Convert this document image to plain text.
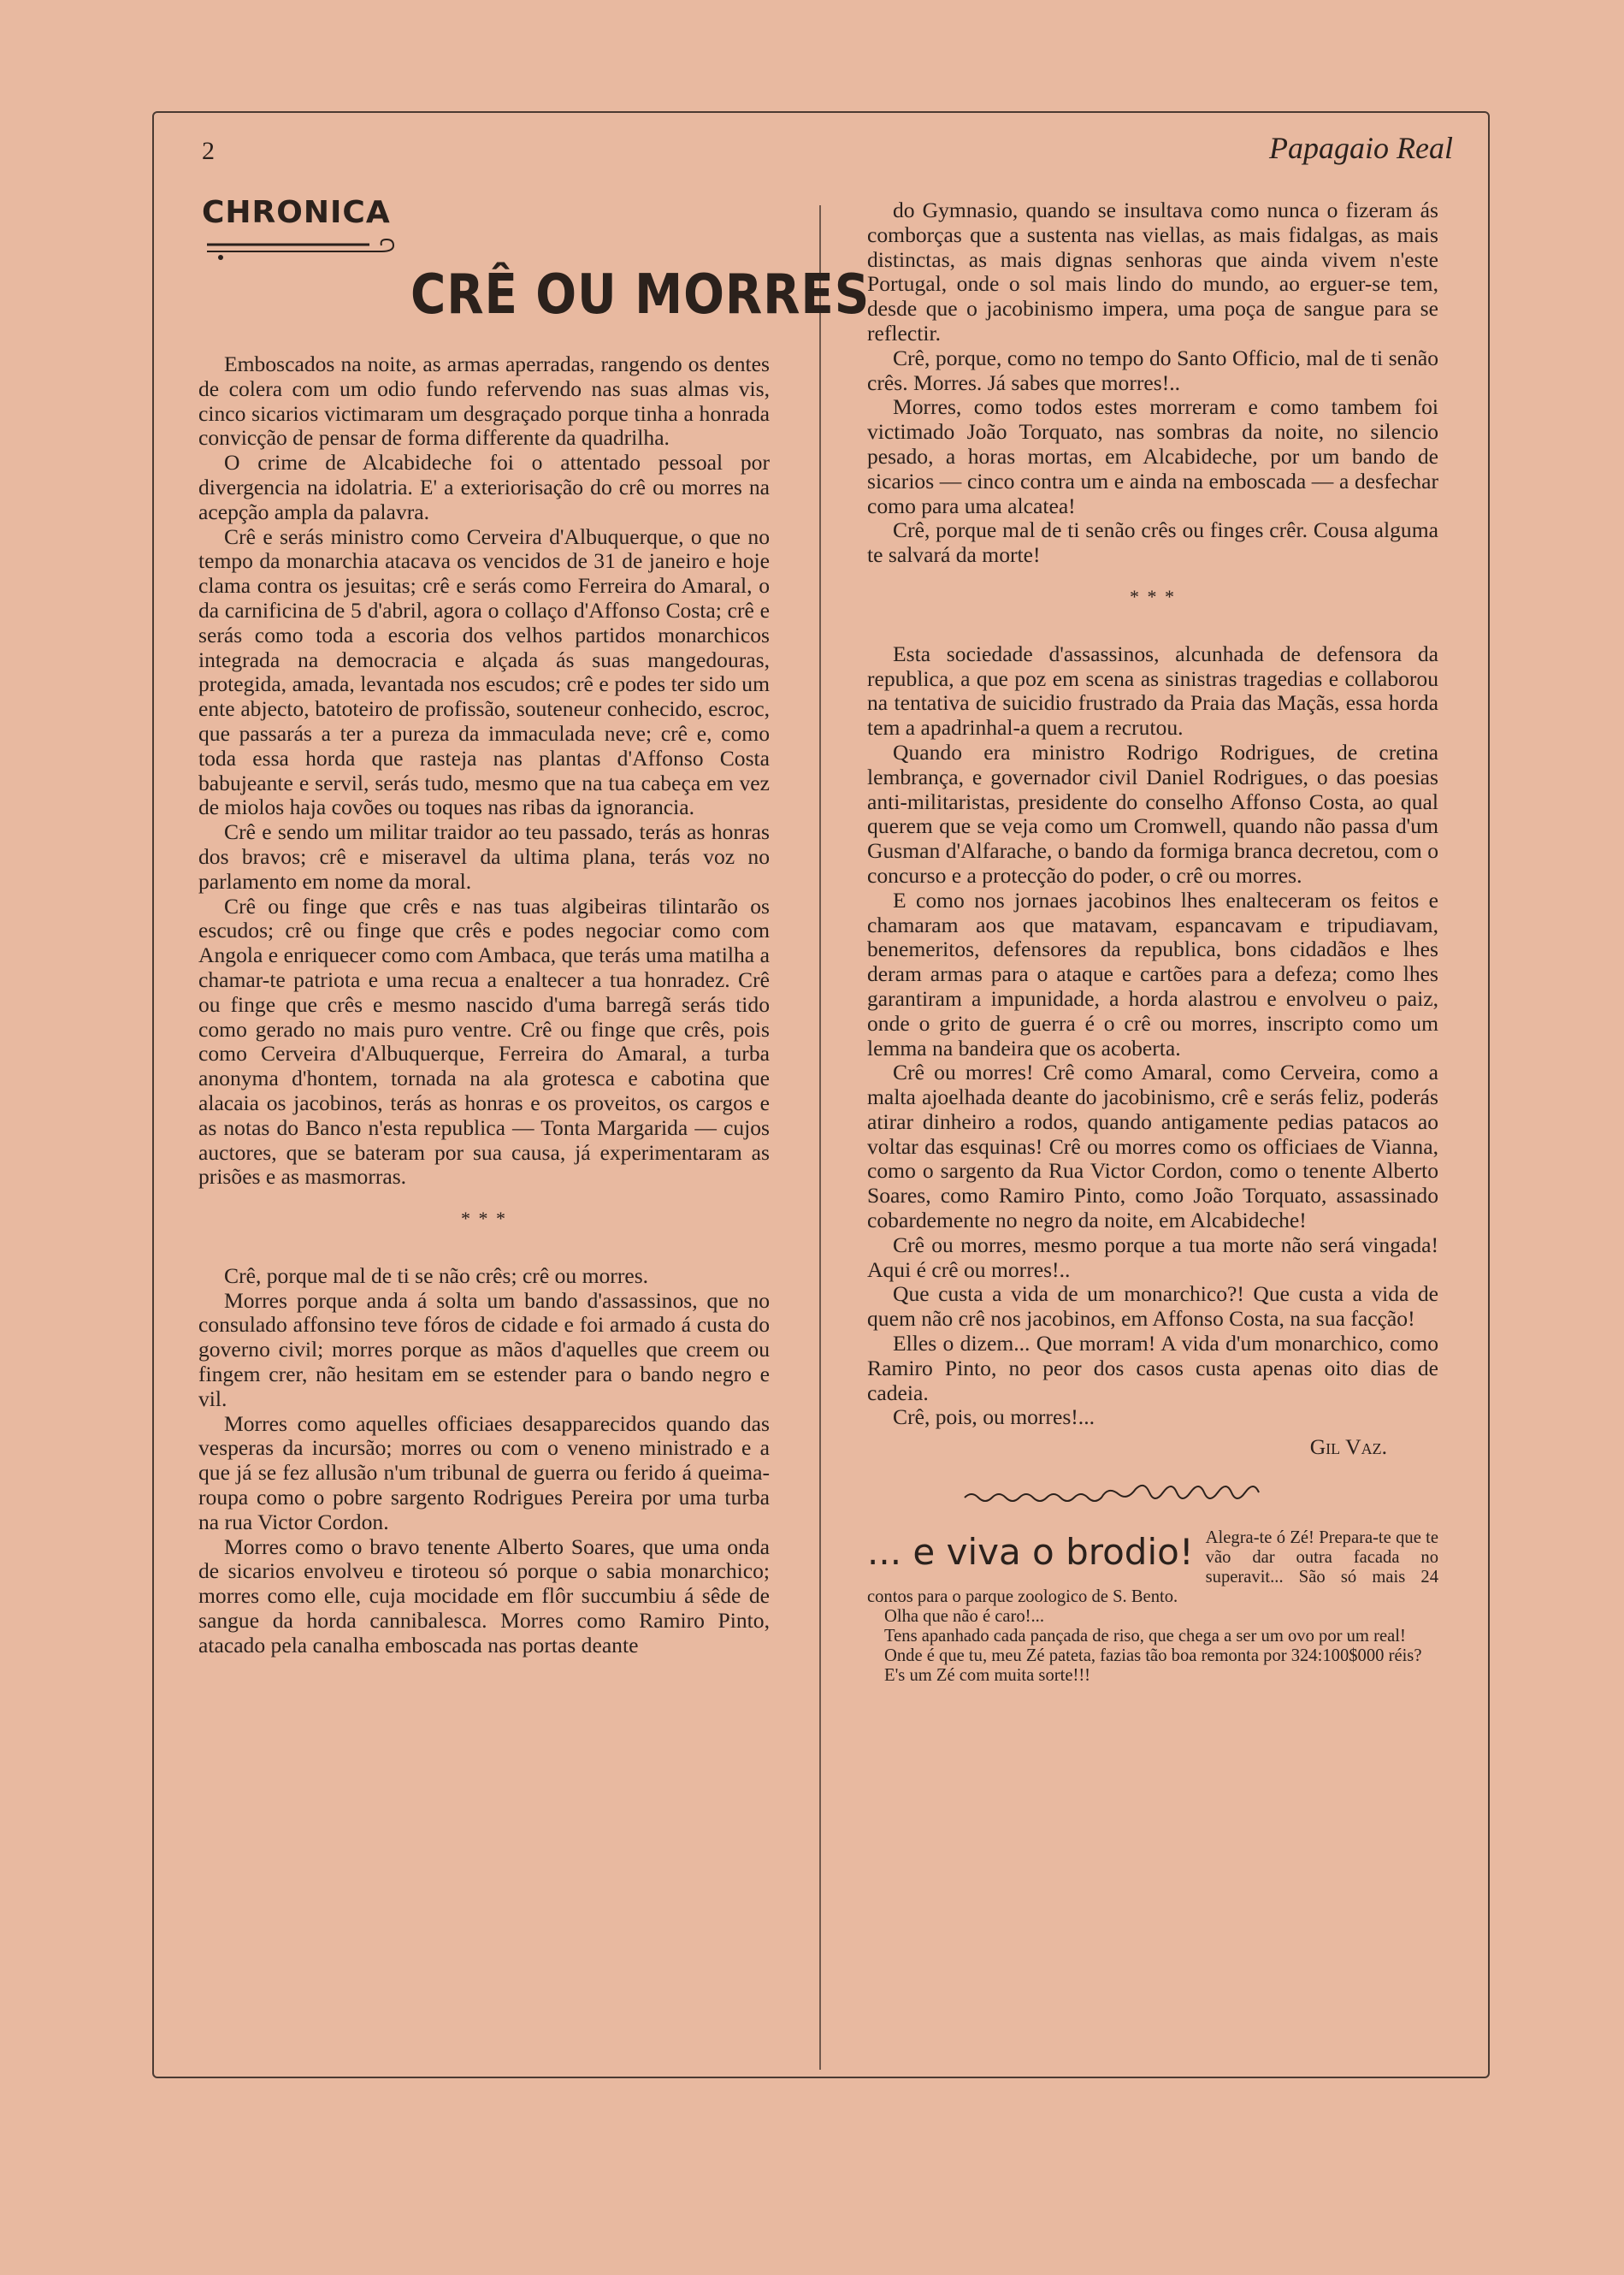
2	Papagaio Real
CHRONICA
CRÊ OU MORRES

Emboscados na noite, as armas aperradas, rangendo os dentes de colera com um odio fundo refervendo nas suas almas vis, cinco sicarios victimaram um desgraçado porque tinha a honrada convicção de pensar de forma differente da quadrilha.

O crime de Alcabideche foi o attentado pessoal por divergencia na idolatria. E' a exteriorisação do crê ou morres na acepção ampla da palavra.

Crê e serás ministro como Cerveira d'Albuquerque, o que no tempo da monarchia atacava os vencidos de 31 de janeiro e hoje clama contra os jesuitas; crê e serás como Ferreira do Amaral, o da carnificina de 5 d'abril, agora o collaço d'Affonso Costa; crê e serás como toda a escoria dos velhos partidos monarchicos integrada na democracia e alçada ás suas mangedouras, protegida, amada, levantada nos escudos; crê e podes ter sido um ente abjecto, batoteiro de profissão, souteneur conhecido, escroc, que passarás a ter a pureza da immaculada neve; crê e, como toda essa horda que rasteja nas plantas d'Affonso Costa babujeante e servil, serás tudo, mesmo que na tua cabeça em vez de miolos haja covões ou toques nas ribas da ignorancia.

Crê e sendo um militar traidor ao teu passado, terás as honras dos bravos; crê e miseravel da ultima plana, terás voz no parlamento em nome da moral.

Crê ou finge que crês e nas tuas algibeiras tilintarão os escudos; crê ou finge que crês e podes negociar como com Angola e enriquecer como com Ambaca, que terás uma matilha a chamar-te patriota e uma recua a enaltecer a tua honradez. Crê ou finge que crês e mesmo nascido d'uma barregã serás tido como gerado no mais puro ventre. Crê ou finge que crês, pois como Cerveira d'Albuquerque, Ferreira do Amaral, a turba anonyma d'hontem, tornada na ala grotesca e cabotina que alacaia os jacobinos, terás as honras e os proveitos, os cargos e as notas do Banco n'esta republica — Tonta Margarida — cujos auctores, que se bateram por sua causa, já experimentaram as prisões e as masmorras.

* * *

Crê, porque mal de ti se não crês; crê ou morres.

Morres porque anda á solta um bando d'assassinos, que no consulado affonsino teve fóros de cidade e foi armado á custa do governo civil; morres porque as mãos d'aquelles que creem ou fingem crer, não hesitam em se estender para o bando negro e vil.

Morres como aquelles officiaes desapparecidos quando das vesperas da incursão; morres ou com o veneno ministrado e a que já se fez allusão n'um tribunal de guerra ou ferido á queima-roupa como o pobre sargento Rodrigues Pereira por uma turba na rua Victor Cordon.

Morres como o bravo tenente Alberto Soares, que uma onda de sicarios envolveu e tiroteou só porque o sabia monarchico; morres como elle, cuja mocidade em flôr succumbiu á sêde de sangue da horda cannibalesca. Morres como Ramiro Pinto, atacado pela canalha emboscada nas portas deante

do Gymnasio, quando se insultava como nunca o fizeram ás comborças que a sustenta nas viellas, as mais fidalgas, as mais distinctas, as mais dignas senhoras que ainda vivem n'este Portugal, onde o sol mais lindo do mundo, ao erguer-se tem, desde que o jacobinismo impera, uma poça de sangue para se reflectir.

Crê, porque, como no tempo do Santo Officio, mal de ti senão crês. Morres. Já sabes que morres!..

Morres, como todos estes morreram e como tambem foi victimado João Torquato, nas sombras da noite, no silencio pesado, a horas mortas, em Alcabideche, por um bando de sicarios — cinco contra um e ainda na emboscada — a desfechar como para uma alcatea!

Crê, porque mal de ti senão crês ou finges crêr. Cousa alguma te salvará da morte!

* * *

Esta sociedade d'assassinos, alcunhada de defensora da republica, a que poz em scena as sinistras tragedias e collaborou na tentativa de suicidio frustrado da Praia das Maçãs, essa horda tem a apadrinhal-a quem a recrutou.

Quando era ministro Rodrigo Rodrigues, de cretina lembrança, e governador civil Daniel Rodrigues, o das poesias anti-militaristas, presidente do conselho Affonso Costa, ao qual querem que se veja como um Cromwell, quando não passa d'um Gusman d'Alfarache, o bando da formiga branca decretou, com o concurso e a protecção do poder, o crê ou morres.

E como nos jornaes jacobinos lhes enalteceram os feitos e chamaram aos que matavam, espancavam e tripudiavam, benemeritos, defensores da republica, bons cidadãos e lhes deram armas para o ataque e cartões para a defeza; como lhes garantiram a impunidade, a horda alastrou e envolveu o paiz, onde o grito de guerra é o crê ou morres, inscripto como um lemma na bandeira que os acoberta.

Crê ou morres! Crê como Amaral, como Cerveira, como a malta ajoelhada deante do jacobinismo, crê e serás feliz, poderás atirar dinheiro a rodos, quando antigamente pedias patacos ao voltar das esquinas! Crê ou morres como os officiaes de Vianna, como o sargento da Rua Victor Cordon, como o tenente Alberto Soares, como Ramiro Pinto, como João Torquato, assassinado cobardemente no negro da noite, em Alcabideche!

Crê ou morres, mesmo porque a tua morte não será vingada! Aqui é crê ou morres!..

Que custa a vida de um monarchico?! Que custa a vida de quem não crê nos jacobinos, em Affonso Costa, na sua facção!

Elles o dizem... Que morram! A vida d'um monarchico, como Ramiro Pinto, no peor dos casos custa apenas oito dias de cadeia.

Crê, pois, ou morres!...

Gil Vaz.
... e viva o brodio! Alegra-te ó Zé! Prepara-te que te vão dar outra facada no superavit... São só mais 24 contos para o parque zoologico de S. Bento.

Olha que não é caro!...

Tens apanhado cada pançada de riso, que chega a ser um ovo por um real!

Onde é que tu, meu Zé pateta, fazias tão boa remonta por 324:100$000 réis?

E's um Zé com muita sorte!!!
